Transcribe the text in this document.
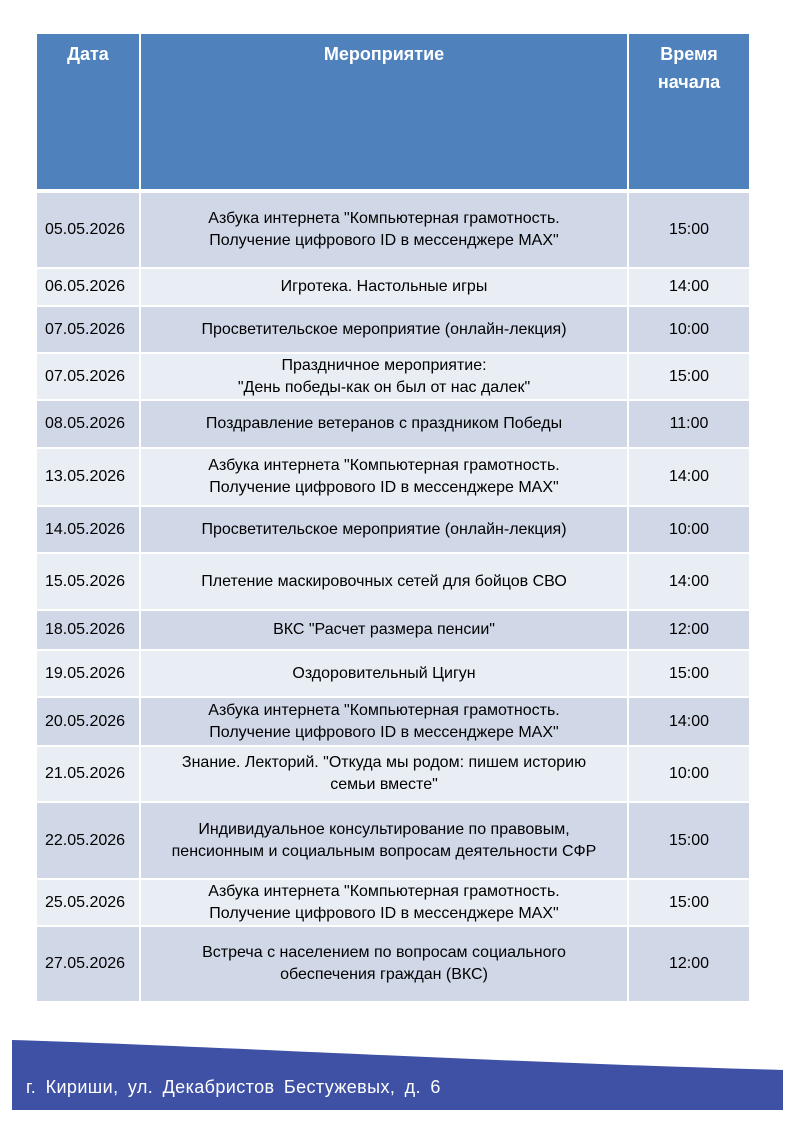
Дата	Мероприятие	Время
начала

05.05.2026	Азбука интернета "Компьютерная грамотность.
Получение цифрового ID в мессенджере MAX"	15:00
06.05.2026	Игротека. Настольные игры	14:00
07.05.2026	Просветительское мероприятие (онлайн-лекция)	10:00
07.05.2026	Праздничное мероприятие:
"День победы-как он был от нас далек"	15:00
08.05.2026	Поздравление ветеранов с праздником Победы	11:00
13.05.2026	Азбука интернета "Компьютерная грамотность.
Получение цифрового ID в мессенджере MAX"	14:00
14.05.2026	Просветительское мероприятие (онлайн-лекция)	10:00
15.05.2026	Плетение маскировочных сетей для бойцов СВО	14:00
18.05.2026	ВКС "Расчет размера пенсии"	12:00
19.05.2026	Оздоровительный Цигун	15:00
20.05.2026	Азбука интернета "Компьютерная грамотность.
Получение цифрового ID в мессенджере MAX"	14:00
21.05.2026	Знание. Лекторий. "Откуда мы родом: пишем историю
семьи вместе"	10:00
22.05.2026	Индивидуальное консультирование по правовым,
пенсионным и социальным вопросам деятельности СФР	15:00
25.05.2026	Азбука интернета "Компьютерная грамотность.
Получение цифрового ID в мессенджере MAX"	15:00
27.05.2026	Встреча с населением по вопросам социального
обеспечения граждан (ВКС)	12:00
г. Кириши, ул. Декабристов Бестужевых, д. 6
